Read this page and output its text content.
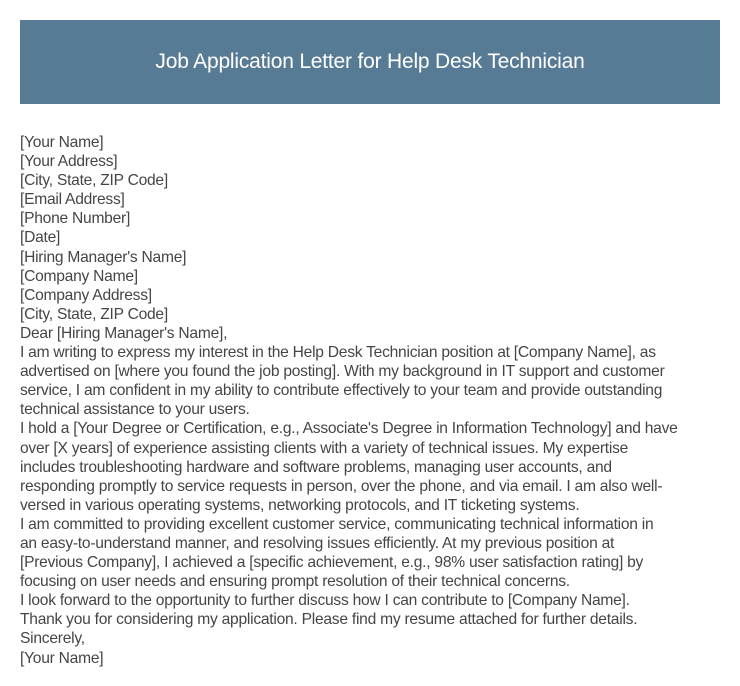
Job Application Letter for Help Desk Technician
[Your Name]
[Your Address]
[City, State, ZIP Code]
[Email Address]
[Phone Number]
[Date]
[Hiring Manager's Name]
[Company Name]
[Company Address]
[City, State, ZIP Code]
Dear [Hiring Manager's Name],
I am writing to express my interest in the Help Desk Technician position at [Company Name], as
advertised on [where you found the job posting]. With my background in IT support and customer
service, I am confident in my ability to contribute effectively to your team and provide outstanding
technical assistance to your users.
I hold a [Your Degree or Certification, e.g., Associate's Degree in Information Technology] and have
over [X years] of experience assisting clients with a variety of technical issues. My expertise
includes troubleshooting hardware and software problems, managing user accounts, and
responding promptly to service requests in person, over the phone, and via email. I am also well-
versed in various operating systems, networking protocols, and IT ticketing systems.
I am committed to providing excellent customer service, communicating technical information in
an easy-to-understand manner, and resolving issues efficiently. At my previous position at
[Previous Company], I achieved a [specific achievement, e.g., 98% user satisfaction rating] by
focusing on user needs and ensuring prompt resolution of their technical concerns.
I look forward to the opportunity to further discuss how I can contribute to [Company Name].
Thank you for considering my application. Please find my resume attached for further details.
Sincerely,
[Your Name]
